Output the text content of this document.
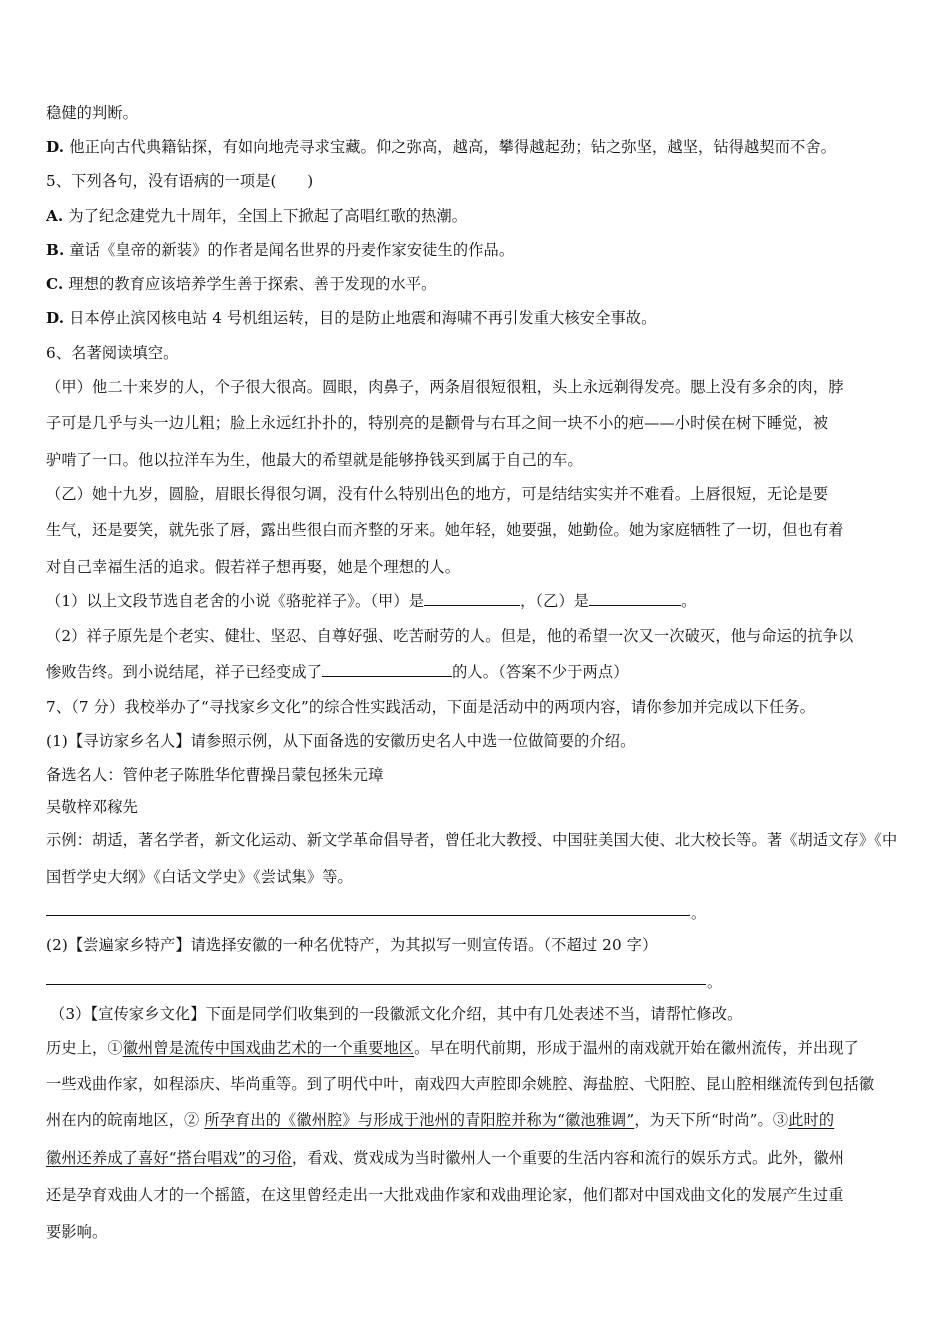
稳健的判断。
D. 他正向古代典籍钻探，有如向地壳寻求宝藏。仰之弥高，越高，攀得越起劲；钻之弥坚，越坚，钻得越契而不舍。
5、下列各句，没有语病的一项是(　　)
A. 为了纪念建党九十周年，全国上下掀起了高唱红歌的热潮。
B. 童话《皇帝的新装》的作者是闻名世界的丹麦作家安徒生的作品。
C. 理想的教育应该培养学生善于探索、善于发现的水平。
D. 日本停止滨冈核电站 4 号机组运转，目的是防止地震和海啸不再引发重大核安全事故。
6、名著阅读填空。
（甲）他二十来岁的人，个子很大很高。圆眼，肉鼻子，两条眉很短很粗，头上永远剃得发亮。腮上没有多余的肉，脖
子可是几乎与头一边儿粗；脸上永远红扑扑的，特别亮的是颧骨与右耳之间一块不小的疤——小时侯在树下睡觉，被
驴啃了一口。他以拉洋车为生，他最大的希望就是能够挣钱买到属于自己的车。
（乙）她十九岁，圆脸，眉眼长得很匀调，没有什么特别出色的地方，可是结结实实并不难看。上唇很短，无论是要
生气，还是要笑，就先张了唇，露出些很白而齐整的牙来。她年轻，她要强，她勤俭。她为家庭牺牲了一切，但也有着
对自己幸福生活的追求。假若祥子想再娶，她是个理想的人。
（1）以上文段节选自老舍的小说《骆驼祥子》。（甲）是	，（乙）是	。
（2）祥子原先是个老实、健壮、坚忍、自尊好强、吃苦耐劳的人。但是，他的希望一次又一次破灭，他与命运的抗争以
惨败告终。到小说结尾，祥子已经变成了	的人。（答案不少于两点）
7、（7 分）我校举办了“寻找家乡文化”的综合性实践活动，下面是活动中的两项内容，请你参加并完成以下任务。
(1)【寻访家乡名人】请参照示例，从下面备选的安徽历史名人中选一位做简要的介绍。
备选名人：管仲老子陈胜华佗曹操吕蒙包拯朱元璋
吴敬梓邓稼先
示例：胡适，著名学者，新文化运动、新文学革命倡导者，曾任北大教授、中国驻美国大使、北大校长等。著《胡适文存》《中
国哲学史大纲》《白话文学史》《尝试集》等。
。
(2)【尝遍家乡特产】请选择安徽的一种名优特产，为其拟写一则宣传语。（不超过 20 字）
。
（3）【宣传家乡文化】下面是同学们收集到的一段徽派文化介绍，其中有几处表述不当，请帮忙修改。
历史上，①徽州曾是流传中国戏曲艺术的一个重要地区。早在明代前期，形成于温州的南戏就开始在徽州流传，并出现了
一些戏曲作家，如程添庆、毕尚重等。到了明代中叶，南戏四大声腔即余姚腔、海盐腔、弋阳腔、昆山腔相继流传到包括徽
州在内的皖南地区，② 所孕育出的《徽州腔》与形成于池州的青阳腔并称为“徽池雅调”，为天下所“时尚”。③此时的
徽州还养成了喜好“搭台唱戏”的习俗，看戏、赏戏成为当时徽州人一个重要的生活内容和流行的娱乐方式。此外，徽州
还是孕育戏曲人才的一个摇篮，在这里曾经走出一大批戏曲作家和戏曲理论家，他们都对中国戏曲文化的发展产生过重
要影响。
